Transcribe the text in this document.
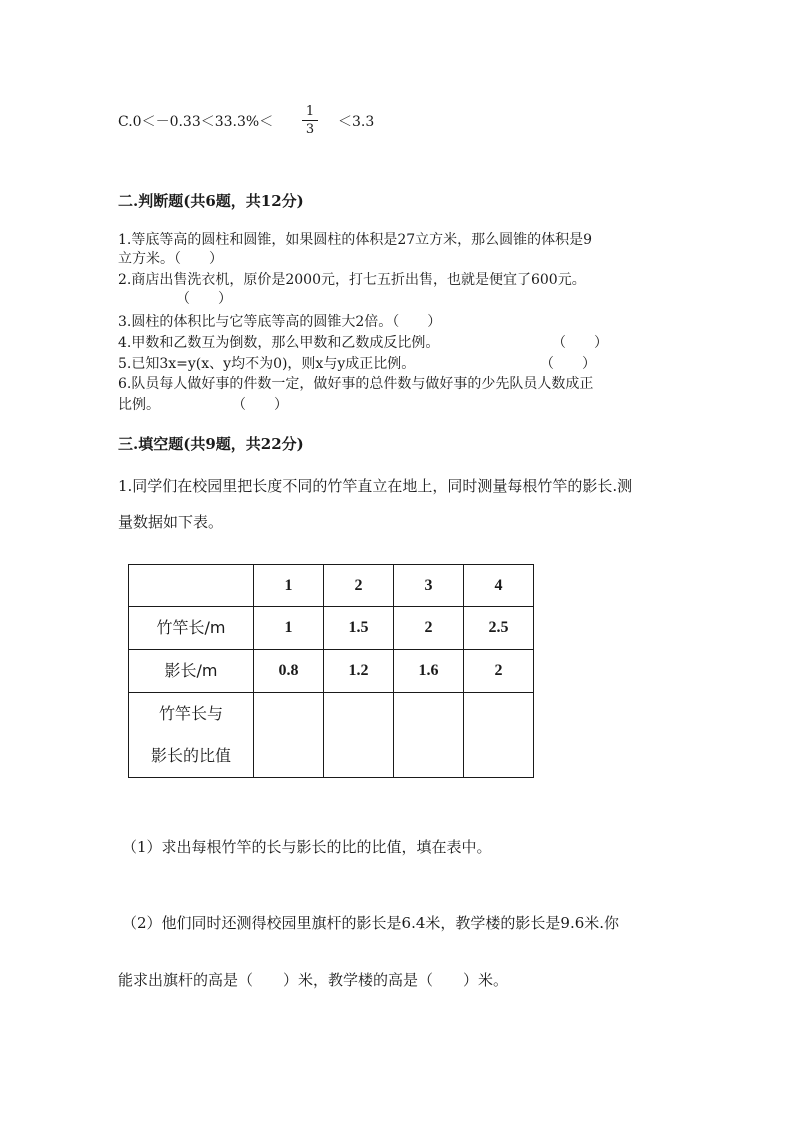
C.0＜－0.33＜33.3%＜
1
3	＜3.3
二.判断题(共6题，共12分)
1.等底等高的圆柱和圆锥，如果圆柱的体积是27立方米，那么圆锥的体积是9
立方米。（　　）
2.商店出售洗衣机，原价是2000元，打七五折出售，也就是便宜了600元。
（　　）
3.圆柱的体积比与它等底等高的圆锥大2倍。（　　）
4.甲数和乙数互为倒数，那么甲数和乙数成反比例。	（　　）
5.已知3x=y(x、y均不为0)，则x与y成正比例。	（　　）
6.队员每人做好事的件数一定，做好事的总件数与做好事的少先队员人数成正
比例。	（　　）
三.填空题(共9题，共22分)
1.同学们在校园里把长度不同的竹竿直立在地上，同时测量每根竹竿的影长.测
量数据如下表。
	1	2	3	4
竹竿长/m	1	1.5	2	2.5
影长/m	0.8	1.2	1.6	2

竹竿长与
影长的比值				

（1）求出每根竹竿的长与影长的比的比值，填在表中。
（2）他们同时还测得校园里旗杆的影长是6.4米，教学楼的影长是9.6米.你
能求出旗杆的高是（　　）米，教学楼的高是（　　）米。
